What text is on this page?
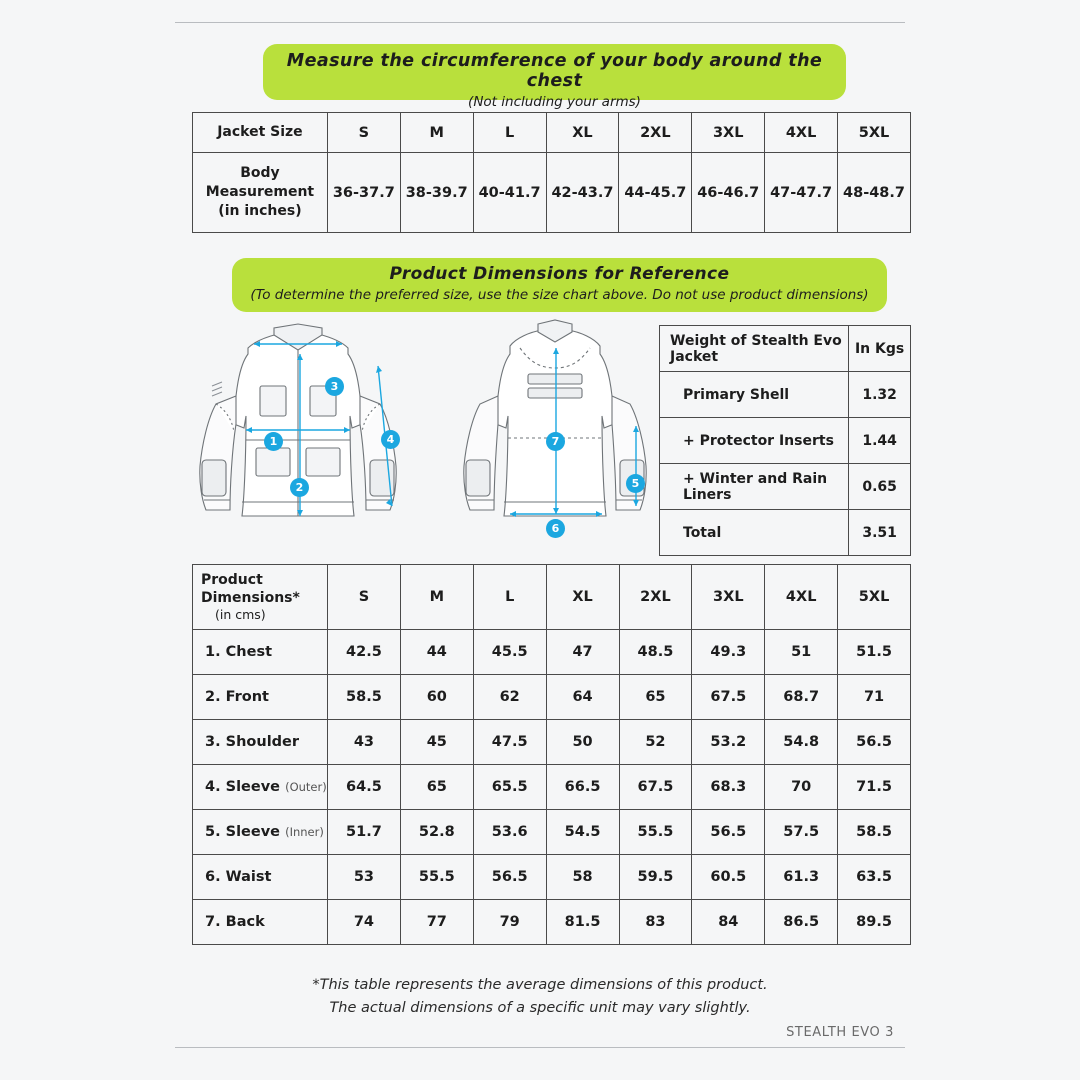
Measure the circumference of your body around the chest
(Not including your arms)
Jacket Size	S	M	L	XL	2XL	3XL	4XL	5XL

Body
Measurement
(in inches)	36-37.7	38-39.7	40-41.7	42-43.7	44-45.7	46-46.7	47-47.7	48-48.7
Product Dimensions for Reference
(To determine the preferred size, use the size chart above. Do not use product dimensions)
1
2
3
4
5
6
7
Weight of Stealth Evo Jacket	In Kgs
Primary Shell	1.32
+ Protector Inserts	1.44
+ Winter and Rain Liners	0.65
Total	3.51
Product Dimensions*
(in cms)	S	M	L	XL	2XL	3XL	4XL	5XL
1. Chest	42.5	44	45.5	47	48.5	49.3	51	51.5
2. Front	58.5	60	62	64	65	67.5	68.7	71
3. Shoulder	43	45	47.5	50	52	53.2	54.8	56.5
4. Sleeve (Outer)	64.5	65	65.5	66.5	67.5	68.3	70	71.5
5. Sleeve (Inner)	51.7	52.8	53.6	54.5	55.5	56.5	57.5	58.5
6. Waist	53	55.5	56.5	58	59.5	60.5	61.3	63.5
7. Back	74	77	79	81.5	83	84	86.5	89.5
*This table represents the average dimensions of this product.
The actual dimensions of a specific unit may vary slightly.
STEALTH EVO 3
